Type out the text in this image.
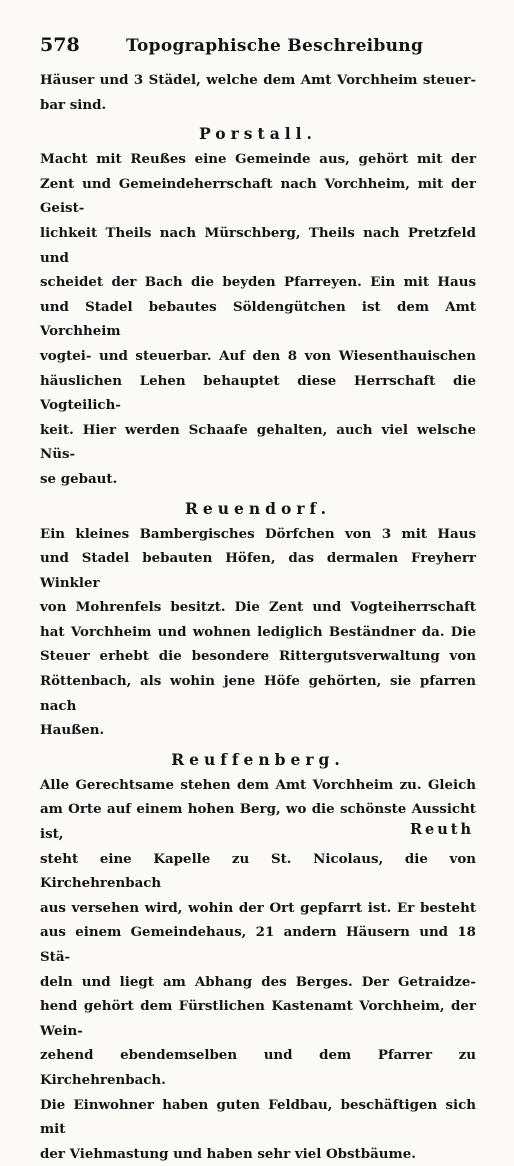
578	Topographische Beschreibung

Häuser und 3 Städel, welche dem Amt Vorchheim steuer-
bar sind.

Porstall.

Macht mit Reußes eine Gemeinde aus, gehört mit der
Zent und Gemeindeherrschaft nach Vorchheim, mit der Geist-
lichkeit Theils nach Mürschberg, Theils nach Pretzfeld und
scheidet der Bach die beyden Pfarreyen. Ein mit Haus
und Stadel bebautes Söldengütchen ist dem Amt Vorchheim
vogtei- und steuerbar. Auf den 8 von Wiesenthauischen
häuslichen Lehen behauptet diese Herrschaft die Vogteilich-
keit. Hier werden Schaafe gehalten, auch viel welsche Nüs-
se gebaut.

Reuendorf.

Ein kleines Bambergisches Dörfchen von 3 mit Haus
und Stadel bebauten Höfen, das dermalen Freyherr Winkler
von Mohrenfels besitzt. Die Zent und Vogteiherrschaft
hat Vorchheim und wohnen lediglich Beständner da. Die
Steuer erhebt die besondere Rittergutsverwaltung von
Röttenbach, als wohin jene Höfe gehörten, sie pfarren nach
Haußen.

Reuffenberg.

Alle Gerechtsame stehen dem Amt Vorchheim zu. Gleich
am Orte auf einem hohen Berg, wo die schönste Aussicht ist,
steht eine Kapelle zu St. Nicolaus, die von Kirchehrenbach
aus versehen wird, wohin der Ort gepfarrt ist. Er besteht
aus einem Gemeindehaus, 21 andern Häusern und 18 Stä-
deln und liegt am Abhang des Berges. Der Getraidze-
hend gehört dem Fürstlichen Kastenamt Vorchheim, der Wein-
zehend ebendemselben und dem Pfarrer zu Kirchehrenbach.
Die Einwohner haben guten Feldbau, beschäftigen sich mit
der Viehmastung und haben sehr viel Obstbäume.

Reuth
